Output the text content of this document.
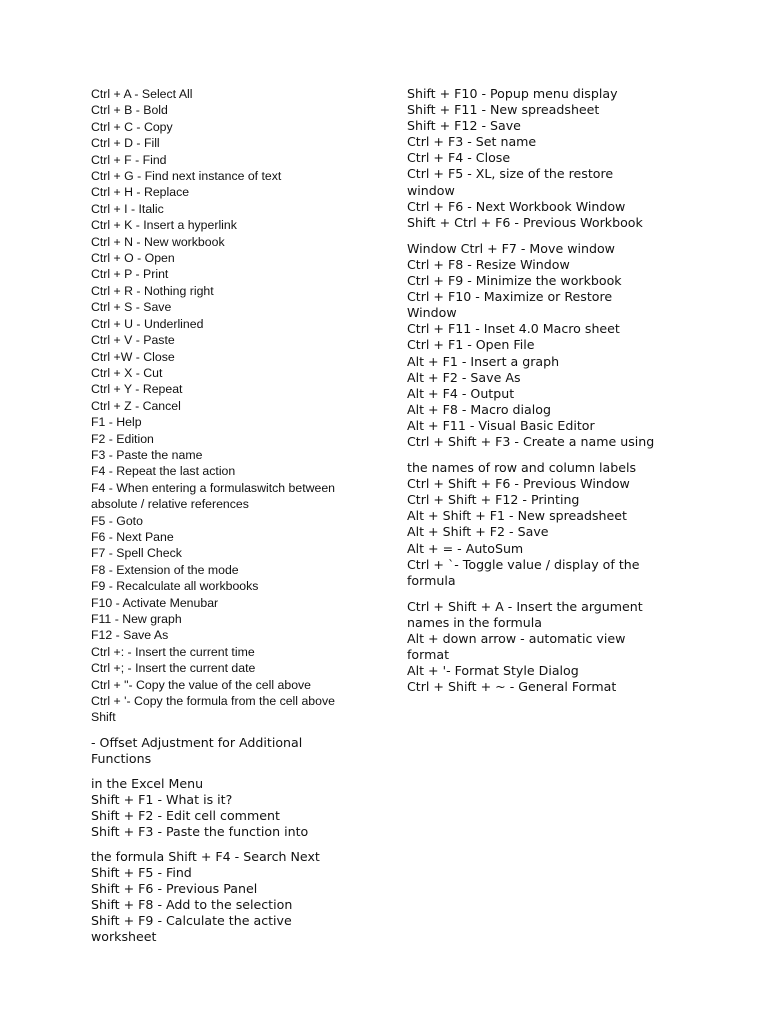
Ctrl + A - Select All
Ctrl + B - Bold
Ctrl + C - Copy
Ctrl + D - Fill
Ctrl + F - Find
Ctrl + G - Find next instance of text
Ctrl + H - Replace
Ctrl + I - Italic
Ctrl + K - Insert a hyperlink
Ctrl + N - New workbook
Ctrl + O - Open
Ctrl + P - Print
Ctrl + R - Nothing right
Ctrl + S - Save
Ctrl + U - Underlined
Ctrl + V - Paste
Ctrl +W - Close
Ctrl + X - Cut
Ctrl + Y - Repeat
Ctrl + Z - Cancel
F1 - Help
F2 - Edition
F3 - Paste the name
F4 - Repeat the last action
F4 - When entering a formulaswitch between
absolute / relative references
F5 - Goto
F6 - Next Pane
F7 - Spell Check
F8 - Extension of the mode
F9 - Recalculate all workbooks
F10 - Activate Menubar
F11 - New graph
F12 - Save As
Ctrl +: - Insert the current time
Ctrl +; - Insert the current date
Ctrl + "- Copy the value of the cell above
Ctrl + '- Copy the formula from the cell above
Shift
- Offset Adjustment for Additional
Functions
in the Excel Menu
Shift + F1 - What is it?
Shift + F2 - Edit cell comment
Shift + F3 - Paste the function into
the formula Shift + F4 - Search Next
Shift + F5 - Find
Shift + F6 - Previous Panel
Shift + F8 - Add to the selection
Shift + F9 - Calculate the active
worksheet
Shift + F10 - Popup menu display
Shift + F11 - New spreadsheet
Shift + F12 - Save
Ctrl + F3 - Set name
Ctrl + F4 - Close
Ctrl + F5 - XL, size of the restore
window
Ctrl + F6 - Next Workbook Window
Shift + Ctrl + F6 - Previous Workbook
Window Ctrl + F7 - Move window
Ctrl + F8 - Resize Window
Ctrl + F9 - Minimize the workbook
Ctrl + F10 - Maximize or Restore
Window
Ctrl + F11 - Inset 4.0 Macro sheet
Ctrl + F1 - Open File
Alt + F1 - Insert a graph
Alt + F2 - Save As
Alt + F4 - Output
Alt + F8 - Macro dialog
Alt + F11 - Visual Basic Editor
Ctrl + Shift + F3 - Create a name using
the names of row and column labels
Ctrl + Shift + F6 - Previous Window
Ctrl + Shift + F12 - Printing
Alt + Shift + F1 - New spreadsheet
Alt + Shift + F2 - Save
Alt + = - AutoSum
Ctrl + `- Toggle value / display of the
formula
Ctrl + Shift + A - Insert the argument
names in the formula
Alt + down arrow - automatic view
format
Alt + '- Format Style Dialog
Ctrl + Shift + ~ - General Format
